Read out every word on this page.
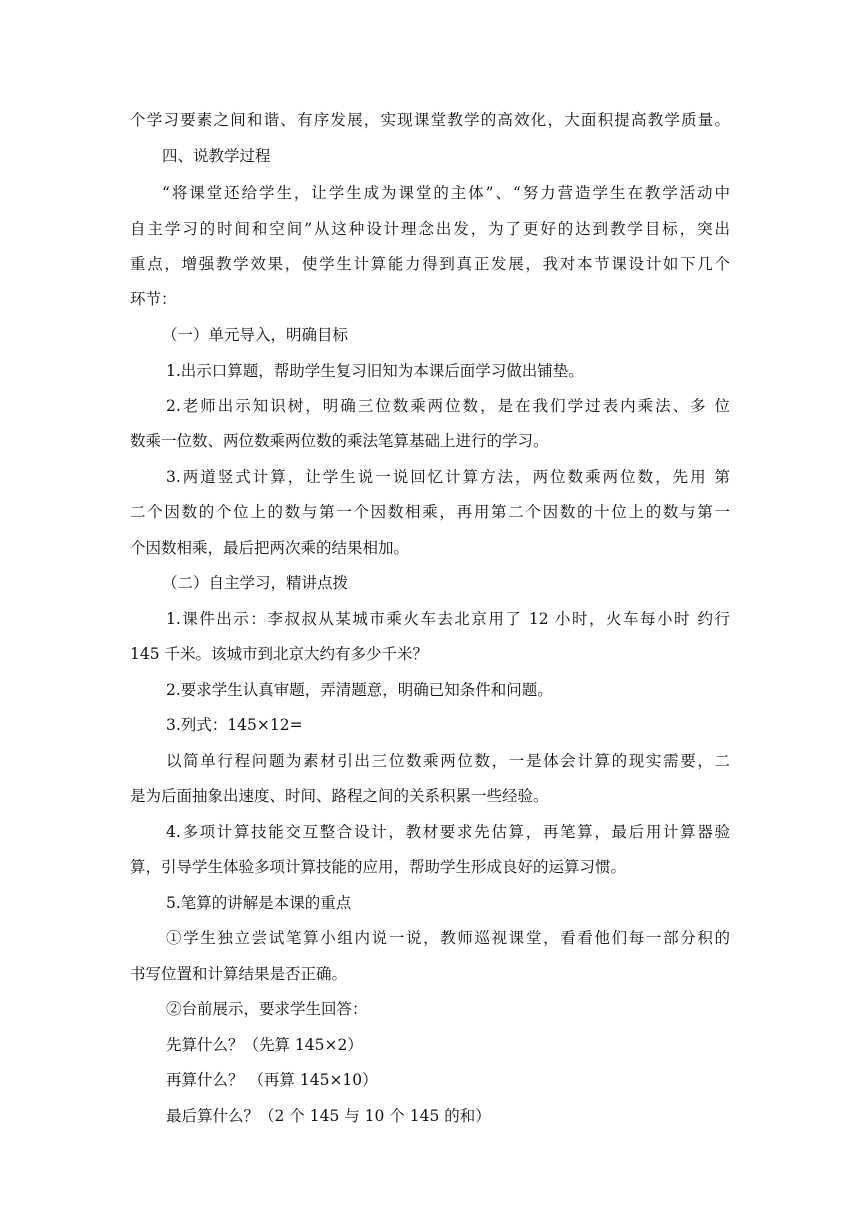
个学习要素之间和谐、有序发展，实现课堂教学的高效化，大面积提高教学质量。
四、说教学过程
“将课堂还给学生，让学生成为课堂的主体”、“努力营造学生在教学活动中
自主学习的时间和空间”从这种设计理念出发，为了更好的达到教学目标，突出
重点，增强教学效果，使学生计算能力得到真正发展，我对本节课设计如下几个
环节：
（一）单元导入，明确目标
1.出示口算题，帮助学生复习旧知为本课后面学习做出铺垫。
2.老师出示知识树，明确三位数乘两位数，是在我们学过表内乘法、多 位
数乘一位数、两位数乘两位数的乘法笔算基础上进行的学习。
3.两道竖式计算，让学生说一说回忆计算方法，两位数乘两位数，先用 第
二个因数的个位上的数与第一个因数相乘，再用第二个因数的十位上的数与第一
个因数相乘，最后把两次乘的结果相加。
（二）自主学习，精讲点拨
1.课件出示：李叔叔从某城市乘火车去北京用了 12 小时，火车每小时 约行
145 千米。该城市到北京大约有多少千米？
2.要求学生认真审题，弄清题意，明确已知条件和问题。
3.列式：145×12=
以简单行程问题为素材引出三位数乘两位数，一是体会计算的现实需要，二
是为后面抽象出速度、时间、路程之间的关系积累一些经验。
4.多项计算技能交互整合设计，教材要求先估算，再笔算，最后用计算器验
算，引导学生体验多项计算技能的应用，帮助学生形成良好的运算习惯。
5.笔算的讲解是本课的重点
①学生独立尝试笔算小组内说一说，教师巡视课堂，看看他们每一部分积的
书写位置和计算结果是否正确。
②台前展示，要求学生回答：
先算什么？（先算 145×2）
再算什么？ （再算 145×10）
最后算什么？（2 个 145 与 10 个 145 的和）
